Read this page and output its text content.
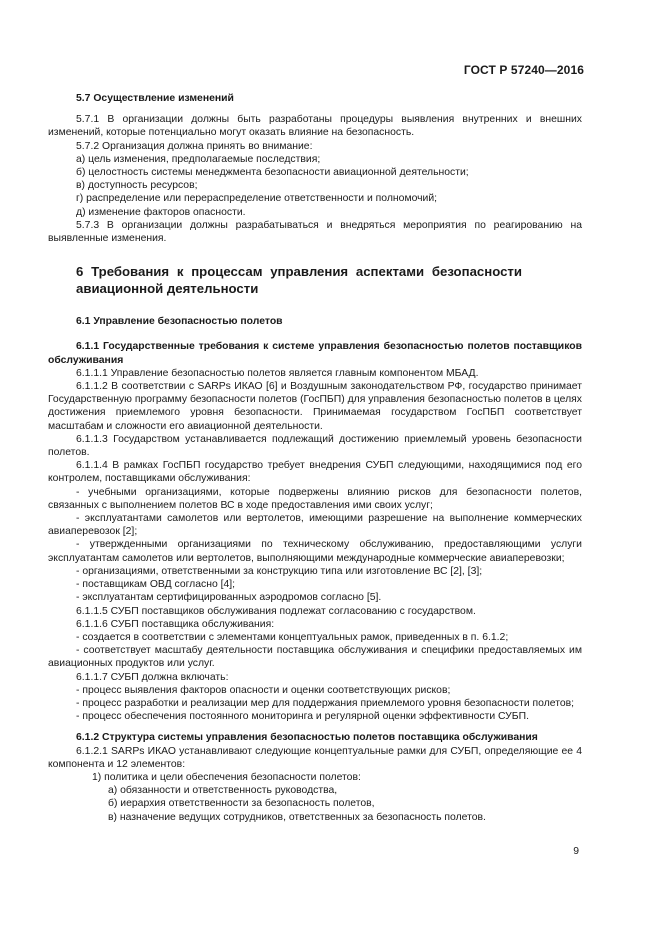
ГОСТ Р 57240—2016
5.7 Осуществление изменений
5.7.1 В организации должны быть разработаны процедуры выявления внутренних и внешних изменений, которые потенциально могут оказать влияние на безопасность.
5.7.2 Организация должна принять во внимание:
а) цель изменения, предполагаемые последствия;
б) целостность системы менеджмента безопасности авиационной деятельности;
в) доступность ресурсов;
г) распределение или перераспределение ответственности и полномочий;
д) изменение факторов опасности.
5.7.3 В организации должны разрабатываться и внедряться мероприятия по реагированию на выявленные изменения.
6 Требования к процессам управления аспектами безопасности авиационной деятельности
6.1 Управление безопасностью полетов
6.1.1 Государственные требования к системе управления безопасностью полетов поставщиков обслуживания
6.1.1.1 Управление безопасностью полетов является главным компонентом МБАД.
6.1.1.2 В соответствии с SARPs ИКАО [6] и Воздушным законодательством РФ, государство принимает Государственную программу безопасности полетов (ГосПБП) для управления безопасностью полетов в целях достижения приемлемого уровня безопасности. Принимаемая государством ГосПБП соответствует масштабам и сложности его авиационной деятельности.
6.1.1.3 Государством устанавливается подлежащий достижению приемлемый уровень безопасности полетов.
6.1.1.4 В рамках ГосПБП государство требует внедрения СУБП следующими, находящимися под его контролем, поставщиками обслуживания:
- учебными организациями, которые подвержены влиянию рисков для безопасности полетов, связанных с выполнением полетов ВС в ходе предоставления ими своих услуг;
- эксплуатантами самолетов или вертолетов, имеющими разрешение на выполнение коммерческих авиаперевозок [2];
- утвержденными организациями по техническому обслуживанию, предоставляющими услуги эксплуатантам самолетов или вертолетов, выполняющими международные коммерческие авиаперевозки;
- организациями, ответственными за конструкцию типа или изготовление ВС [2], [3];
- поставщикам ОВД согласно [4];
- эксплуатантам сертифицированных аэродромов согласно [5].
6.1.1.5 СУБП поставщиков обслуживания подлежат согласованию с государством.
6.1.1.6 СУБП поставщика обслуживания:
- создается в соответствии с элементами концептуальных рамок, приведенных в п. 6.1.2;
- соответствует масштабу деятельности поставщика обслуживания и специфики предоставляемых им авиационных продуктов или услуг.
6.1.1.7 СУБП должна включать:
- процесс выявления факторов опасности и оценки соответствующих рисков;
- процесс разработки и реализации мер для поддержания приемлемого уровня безопасности полетов;
- процесс обеспечения постоянного мониторинга и регулярной оценки эффективности СУБП.
6.1.2 Структура системы управления безопасностью полетов поставщика обслуживания
6.1.2.1 SARPs ИКАО устанавливают следующие концептуальные рамки для СУБП, определяющие ее 4 компонента и 12 элементов:
1) политика и цели обеспечения безопасности полетов:
а) обязанности и ответственность руководства,
б) иерархия ответственности за безопасность полетов,
в) назначение ведущих сотрудников, ответственных за безопасность полетов.
9
